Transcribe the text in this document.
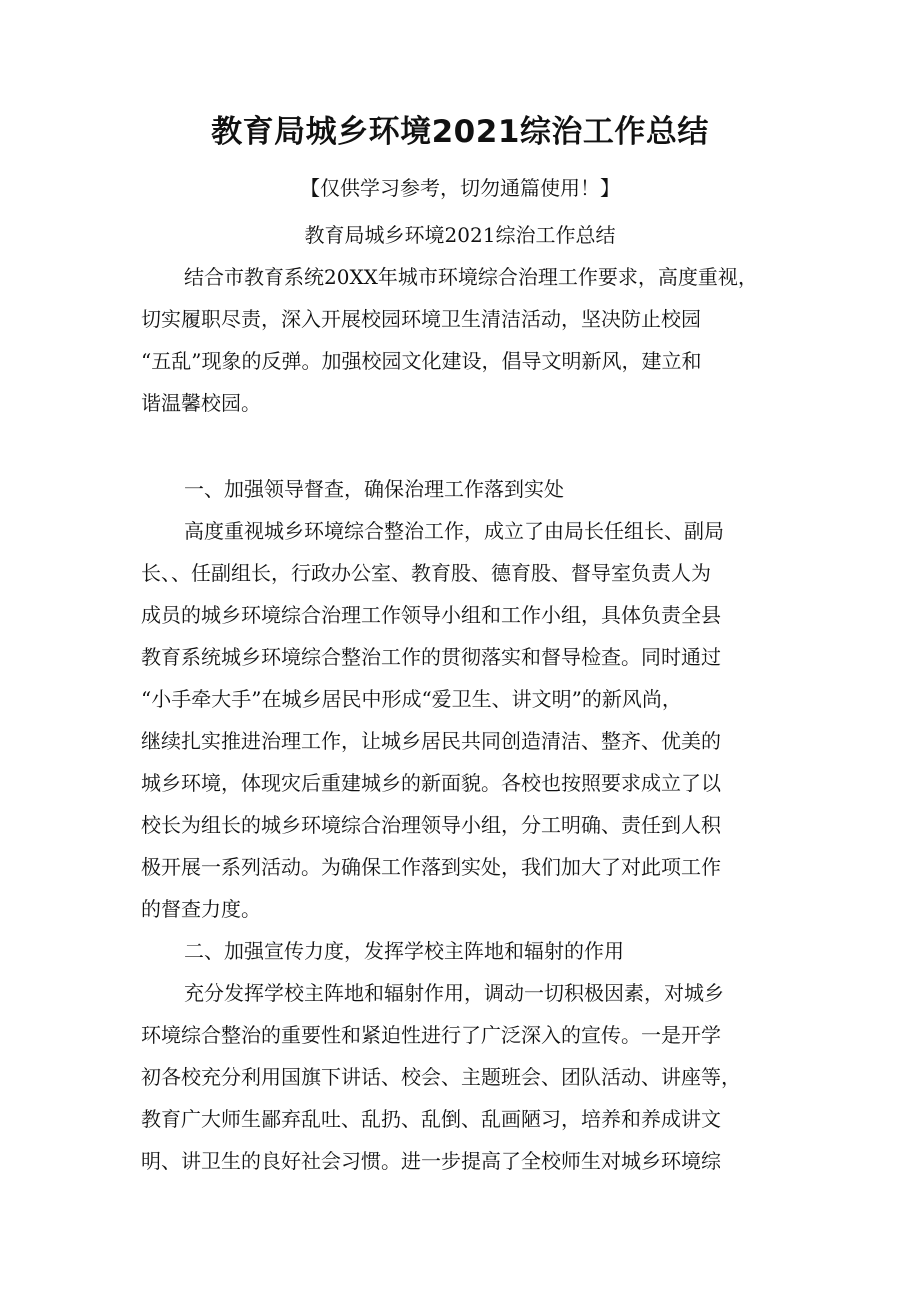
教育局城乡环境2021综治工作总结

【仅供学习参考，切勿通篇使用！】

教育局城乡环境2021综治工作总结

结合市教育系统20XX年城市环境综合治理工作要求，高度重视，

切实履职尽责，深入开展校园环境卫生清洁活动，坚决防止校园

“五乱”现象的反弹。加强校园文化建设，倡导文明新风，建立和

谐温馨校园。

一、加强领导督查，确保治理工作落到实处

高度重视城乡环境综合整治工作，成立了由局长任组长、副局

长、、任副组长，行政办公室、教育股、德育股、督导室负责人为

成员的城乡环境综合治理工作领导小组和工作小组，具体负责全县

教育系统城乡环境综合整治工作的贯彻落实和督导检查。同时通过

“小手牵大手”在城乡居民中形成“爱卫生、讲文明”的新风尚，

继续扎实推进治理工作，让城乡居民共同创造清洁、整齐、优美的

城乡环境，体现灾后重建城乡的新面貌。各校也按照要求成立了以

校长为组长的城乡环境综合治理领导小组，分工明确、责任到人积

极开展一系列活动。为确保工作落到实处，我们加大了对此项工作

的督查力度。

二、加强宣传力度，发挥学校主阵地和辐射的作用

充分发挥学校主阵地和辐射作用，调动一切积极因素，对城乡

环境综合整治的重要性和紧迫性进行了广泛深入的宣传。一是开学

初各校充分利用国旗下讲话、校会、主题班会、团队活动、讲座等，

教育广大师生鄙弃乱吐、乱扔、乱倒、乱画陋习，培养和养成讲文

明、讲卫生的良好社会习惯。进一步提高了全校师生对城乡环境综
